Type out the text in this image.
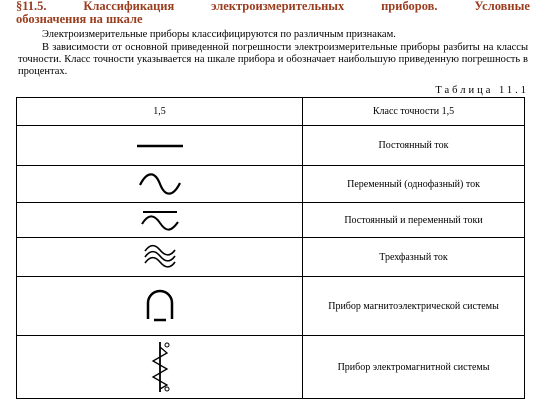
§11.5.	Классификация	электроизмерительных	приборов.	Условные
обозначения на шкале
Электроизмерительные приборы классифицируются по различным признакам.
В зависимости от основной приведенной погрешности электроизмерительные приборы разбиты на классы точности. Класс точности указывается на шкале прибора и обозначает наибольшую приведенную погрешность в процентах.
Таблица 11.1
1,5	Класс точности 1,5

	Постоянный ток

	Переменный (однофазный) ток

	Постоянный и переменный токи

	Трехфазный ток

	Прибор магнитоэлектрической системы

	Прибор электромагнитной системы
